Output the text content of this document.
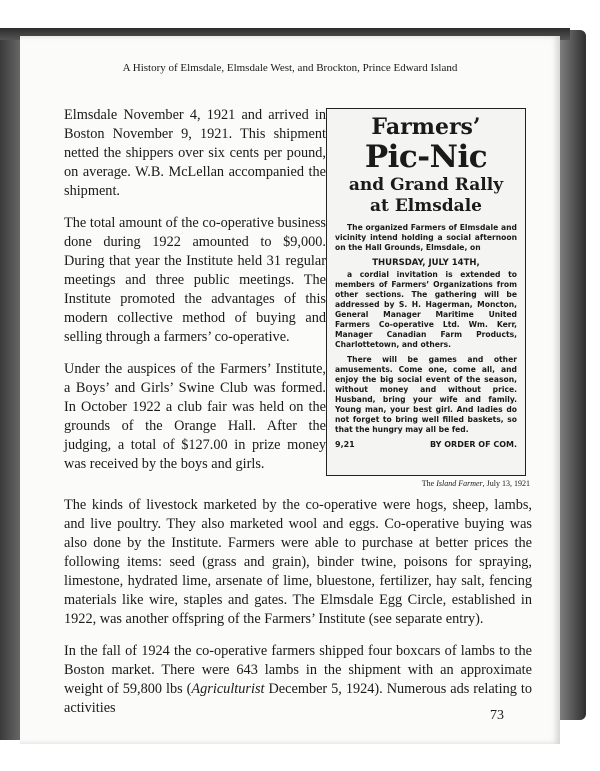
A History of Elmsdale, Elmsdale West, and Brockton, Prince Edward Island

Elmsdale November 4, 1921 and arrived in Boston November 9, 1921. This shipment netted the shippers over six cents per pound, on average. W.B. McLellan accompanied the shipment.

The total amount of the co-operative business done during 1922 amounted to $9,000. During that year the Institute held 31 regular meetings and three public meetings. The Institute promoted the advantages of this modern collective method of buying and selling through a farmers’ co-operative.

Under the auspices of the Farmers’ Institute, a Boys’ and Girls’ Swine Club was formed. In October 1922 a club fair was held on the grounds of the Orange Hall. After the judging, a total of $127.00 in prize money was received by the boys and girls.

Farmers’
Pic-Nic
and Grand Rally
at Elmsdale

The organized Farmers of Elmsdale and vicinity intend holding a social afternoon on the Hall Grounds, Elmsdale, on

THURSDAY, JULY 14TH,

a cordial invitation is extended to members of Farmers’ Organizations from other sections. The gathering will be addressed by S. H. Hagerman, Moncton, General Manager Maritime United Farmers Co-operative Ltd. Wm. Kerr, Manager Canadian Farm Products, Charlottetown, and others.

There will be games and other amusements. Come one, come all, and enjoy the big social event of the season, without money and without price. Husband, bring your wife and family. Young man, your best girl. And ladies do not forget to bring well filled baskets, so that the hungry may all be fed.

9,21	BY ORDER OF COM.
The Island Farmer, July 13, 1921

The kinds of livestock marketed by the co-operative were hogs, sheep, lambs, and live poultry. They also marketed wool and eggs. Co-operative buying was also done by the Institute. Farmers were able to purchase at better prices the following items: seed (grass and grain), binder twine, poisons for spraying, limestone, hydrated lime, arsenate of lime, bluestone, fertilizer, hay salt, fencing materials like wire, staples and gates. The Elmsdale Egg Circle, established in 1922, was another offspring of the Farmers’ Institute (see separate entry).

In the fall of 1924 the co-operative farmers shipped four boxcars of lambs to the Boston market. There were 643 lambs in the shipment with an approximate weight of 59,800 lbs (Agriculturist December 5, 1924). Numerous ads relating to activities	73
